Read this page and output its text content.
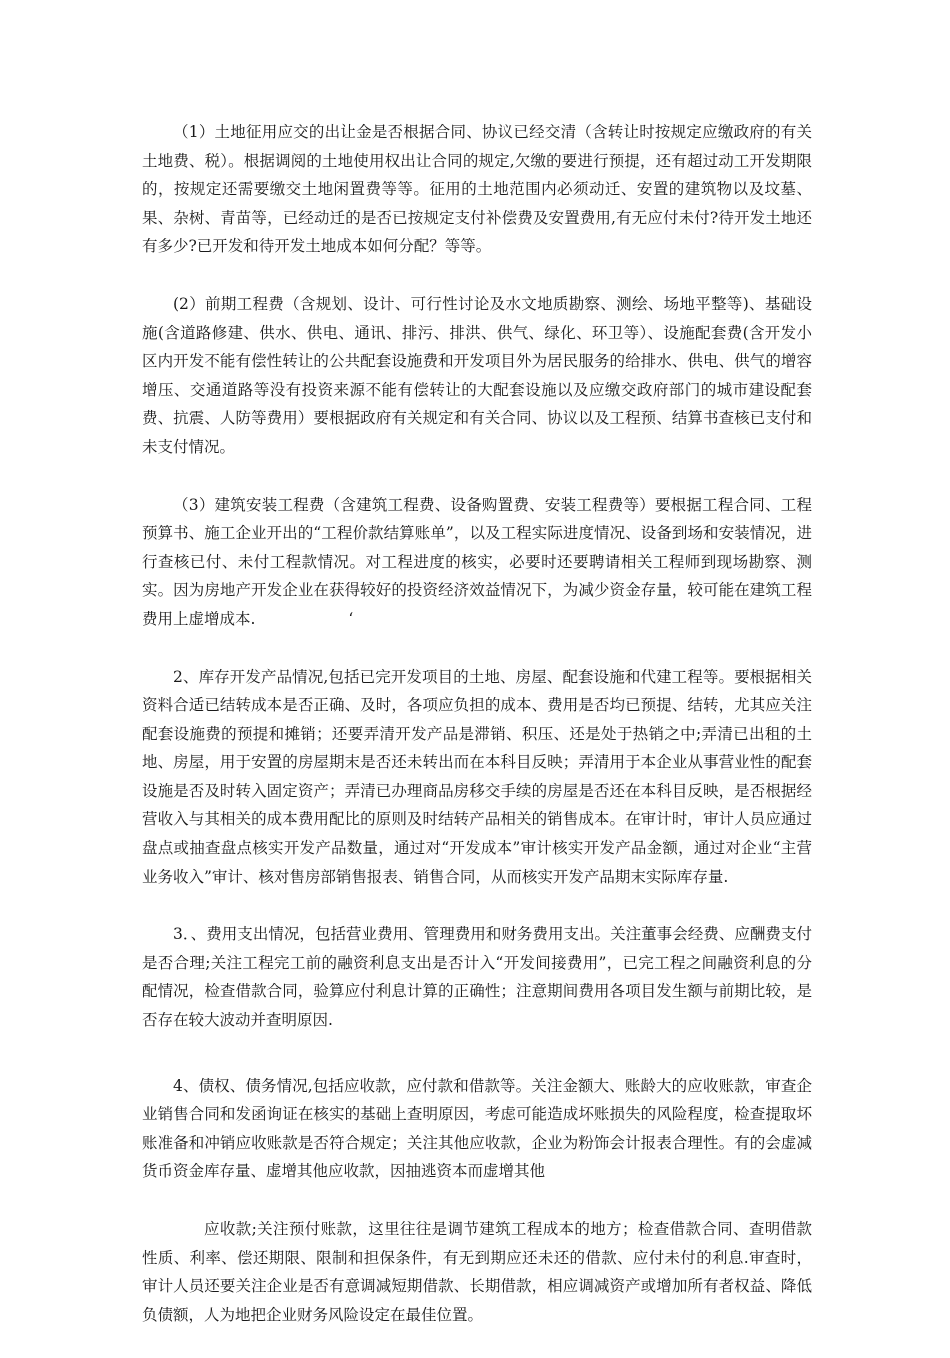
（1）土地征用应交的出让金是否根据合同、协议已经交清（含转让时按规定应缴政府的有关土地费、税）。根据调阅的土地使用权出让合同的规定,欠缴的要进行预提，还有超过动工开发期限的，按规定还需要缴交土地闲置费等等。征用的土地范围内必须动迁、安置的建筑物以及坟墓、果、杂树、青苗等，已经动迁的是否已按规定支付补偿费及安置费用,有无应付未付?待开发土地还有多少?已开发和待开发土地成本如何分配？等等。

(2）前期工程费（含规划、设计、可行性讨论及水文地质勘察、测绘、场地平整等)、基础设施(含道路修建、供水、供电、通讯、排污、排洪、供气、绿化、环卫等）、设施配套费(含开发小区内开发不能有偿性转让的公共配套设施费和开发项目外为居民服务的给排水、供电、供气的增容增压、交通道路等没有投资来源不能有偿转让的大配套设施以及应缴交政府部门的城市建设配套费、抗震、人防等费用）要根据政府有关规定和有关合同、协议以及工程预、结算书查核已支付和未支付情况。

（3）建筑安装工程费（含建筑工程费、设备购置费、安装工程费等）要根据工程合同、工程预算书、施工企业开出的“工程价款结算账单”，以及工程实际进度情况、设备到场和安装情况，进行查核已付、未付工程款情况。对工程进度的核实，必要时还要聘请相关工程师到现场勘察、测实。因为房地产开发企业在获得较好的投资经济效益情况下，为减少资金存量，较可能在建筑工程费用上虚增成本.　　　　　　‘

2、库存开发产品情况,包括已完开发项目的土地、房屋、配套设施和代建工程等。要根据相关资料合适已结转成本是否正确、及时，各项应负担的成本、费用是否均已预提、结转，尤其应关注配套设施费的预提和摊销；还要弄清开发产品是滞销、积压、还是处于热销之中;弄清已出租的土地、房屋，用于安置的房屋期末是否还未转出而在本科目反映；弄清用于本企业从事营业性的配套设施是否及时转入固定资产；弄清已办理商品房移交手续的房屋是否还在本科目反映，是否根据经营收入与其相关的成本费用配比的原则及时结转产品相关的销售成本。在审计时，审计人员应通过盘点或抽查盘点核实开发产品数量，通过对“开发成本”审计核实开发产品金额，通过对企业“主营业务收入”审计、核对售房部销售报表、销售合同，从而核实开发产品期末实际库存量.

3．、费用支出情况，包括营业费用、管理费用和财务费用支出。关注董事会经费、应酬费支付是否合理;关注工程完工前的融资利息支出是否计入“开发间接费用”，已完工程之间融资利息的分配情况，检查借款合同，验算应付利息计算的正确性；注意期间费用各项目发生额与前期比较，是否存在较大波动并查明原因.

4、债权、债务情况,包括应收款，应付款和借款等。关注金额大、账龄大的应收账款，审查企业销售合同和发函询证在核实的基础上查明原因，考虑可能造成坏账损失的风险程度，检查提取坏账准备和冲销应收账款是否符合规定；关注其他应收款，企业为粉饰会计报表合理性。有的会虚减货币资金库存量、虚增其他应收款，因抽逃资本而虚增其他

应收款;关注预付账款，这里往往是调节建筑工程成本的地方；检查借款合同、查明借款性质、利率、偿还期限、限制和担保条件，有无到期应还未还的借款、应付未付的利息.审查时，审计人员还要关注企业是否有意调减短期借款、长期借款，相应调减资产或增加所有者权益、降低负债额，人为地把企业财务风险设定在最佳位置。
